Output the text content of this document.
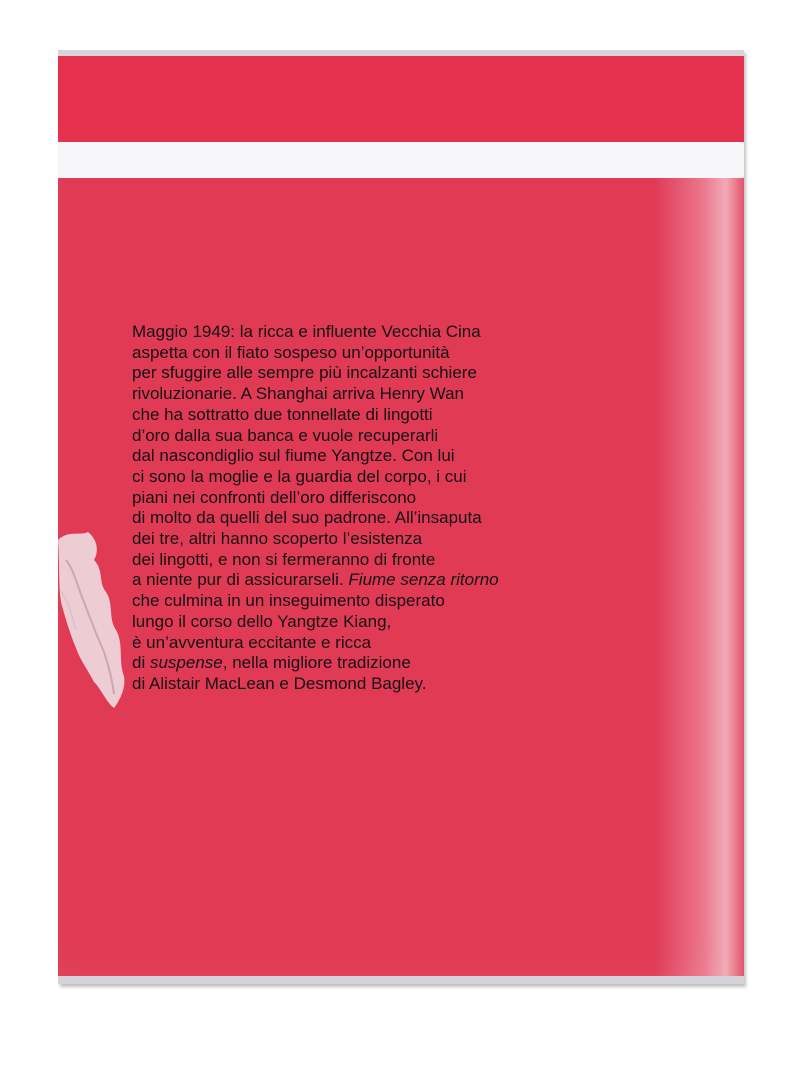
Maggio 1949: la ricca e influente Vecchia Cina
aspetta con il fiato sospeso un’opportunità
per sfuggire alle sempre più incalzanti schiere
rivoluzionarie. A Shanghai arriva Henry Wan
che ha sottratto due tonnellate di lingotti
d’oro dalla sua banca e vuole recuperarli
dal nascondiglio sul fiume Yangtze. Con lui
ci sono la moglie e la guardia del corpo, i cui
piani nei confronti dell’oro differiscono
di molto da quelli del suo padrone. All’insaputa
dei tre, altri hanno scoperto l’esistenza
dei lingotti, e non si fermeranno di fronte
a niente pur di assicurarseli. Fiume senza ritorno
che culmina in un inseguimento disperato
lungo il corso dello Yangtze Kiang,
è un’avventura eccitante e ricca
di suspense, nella migliore tradizione
di Alistair MacLean e Desmond Bagley.
